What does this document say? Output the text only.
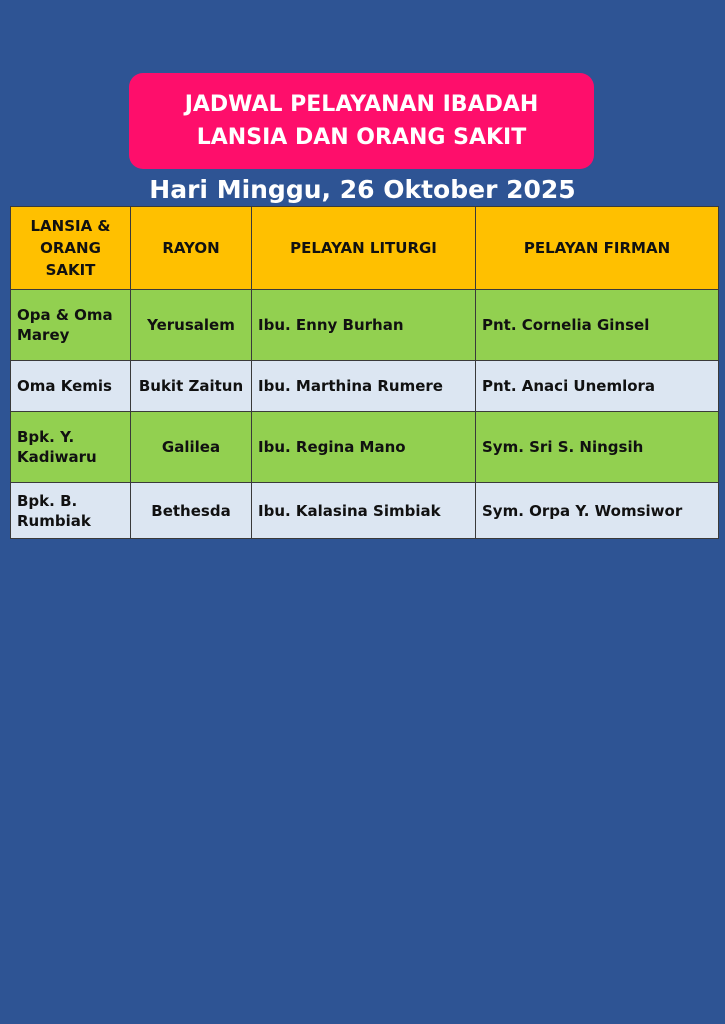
JADWAL PELAYANAN IBADAH
LANSIA DAN ORANG SAKIT
Hari Minggu, 26 Oktober 2025
LANSIA & ORANG SAKIT	RAYON	PELAYAN LITURGI	PELAYAN FIRMAN
Opa & Oma Marey	Yerusalem	Ibu. Enny Burhan	Pnt. Cornelia Ginsel
Oma Kemis	Bukit Zaitun	Ibu. Marthina Rumere	Pnt. Anaci Unemlora
Bpk. Y. Kadiwaru	Galilea	Ibu. Regina Mano	Sym. Sri S. Ningsih
Bpk. B. Rumbiak	Bethesda	Ibu. Kalasina Simbiak	Sym. Orpa Y. Womsiwor
